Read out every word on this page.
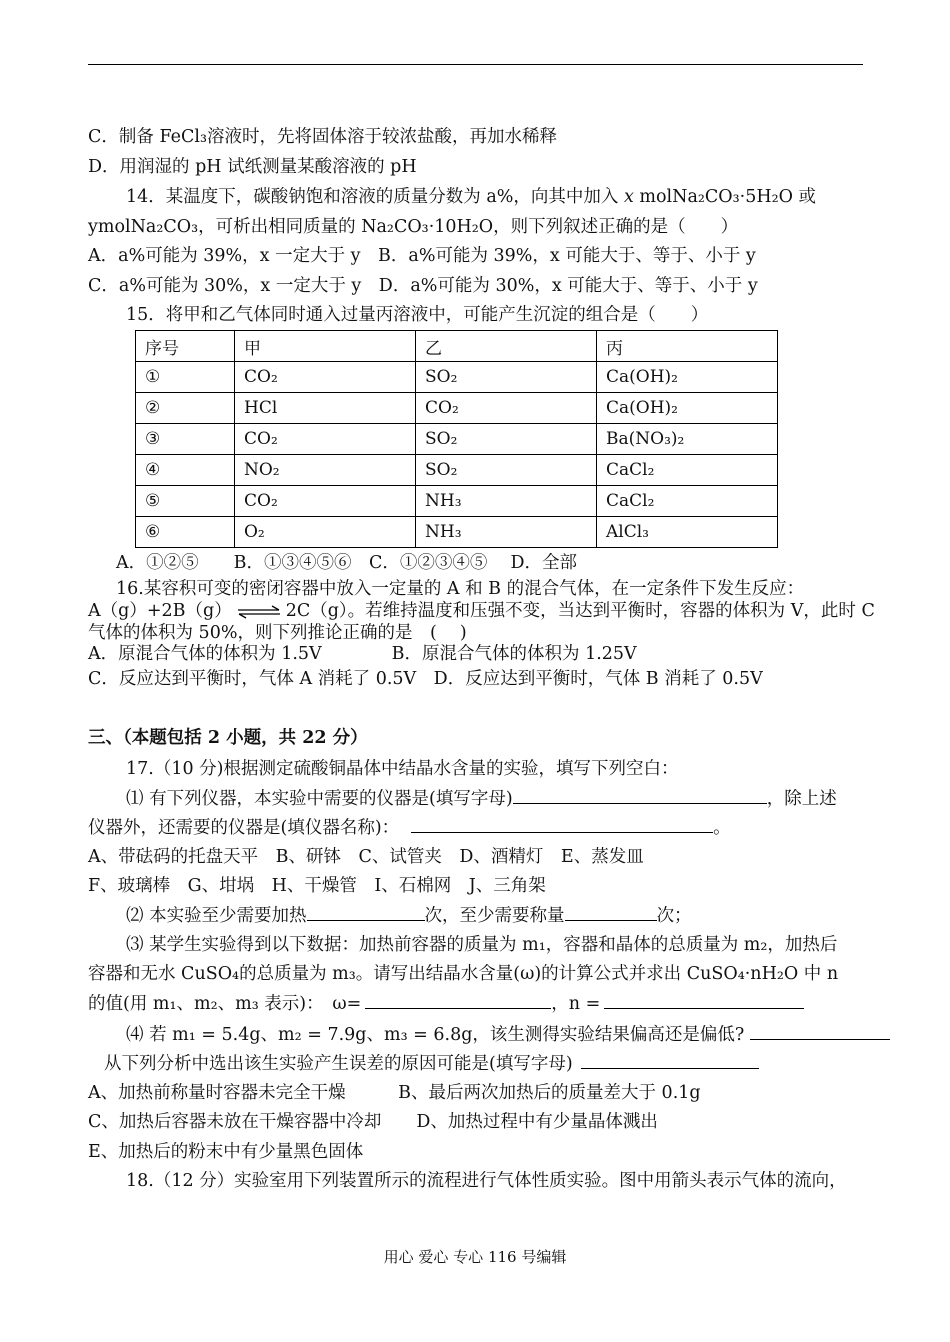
C．制备 FeCl₃溶液时，先将固体溶于较浓盐酸，再加水稀释
D．用润湿的 pH 试纸测量某酸溶液的 pH
14．某温度下，碳酸钠饱和溶液的质量分数为 a%，向其中加入 x molNa₂CO₃·5H₂O 或
ymolNa₂CO₃，可析出相同质量的 Na₂CO₃·10H₂O，则下列叙述正确的是（　　）
A．a%可能为 39%，x 一定大于 y　B．a%可能为 39%，x 可能大于、等于、小于 y
C．a%可能为 30%，x 一定大于 y　D．a%可能为 30%，x 可能大于、等于、小于 y
15．将甲和乙气体同时通入过量丙溶液中，可能产生沉淀的组合是（　　）
序号	甲	乙	丙
①	CO₂	SO₂	Ca(OH)₂
②	HCl	CO₂	Ca(OH)₂
③	CO₂	SO₂	Ba(NO₃)₂
④	NO₂	SO₂	CaCl₂
⑤	CO₂	NH₃	CaCl₂
⑥	O₂	NH₃	AlCl₃
A．①②⑤　　B．①③④⑤⑥　C．①②③④⑤　 D．全部
16.某容积可变的密闭容器中放入一定量的 A 和 B 的混合气体，在一定条件下发生反应：
A（g）+2B（g） ⇌ 2C（g）。若维持温度和压强不变，当达到平衡时，容器的体积为 V，此时 C
气体的体积为 50%，则下列推论正确的是　(　 )
A．原混合气体的体积为 1.5V　　　　B．原混合气体的体积为 1.25V
C．反应达到平衡时，气体 A 消耗了 0.5V　D．反应达到平衡时，气体 B 消耗了 0.5V
三、（本题包括 2 小题，共 22 分）
17.（10 分)根据测定硫酸铜晶体中结晶水含量的实验，填写下列空白：
⑴ 有下列仪器，本实验中需要的仪器是(填写字母)	，除上述
仪器外，还需要的仪器是(填仪器名称)：	。
A、带砝码的托盘天平　B、研钵　C、试管夹　D、酒精灯　E、蒸发皿
F、玻璃棒　G、坩埚　H、干燥管　I、石棉网　J、三角架
⑵ 本实验至少需要加热	次，至少需要称量	次；
⑶ 某学生实验得到以下数据：加热前容器的质量为 m₁，容器和晶体的总质量为 m₂，加热后
容器和无水 CuSO₄的总质量为 m₃。请写出结晶水含量(ω)的计算公式并求出 CuSO₄·nH₂O 中 n
的值(用 m₁、m₂、m₃ 表示)：　ω=	，n =
⑷ 若 m₁ = 5.4g、m₂ = 7.9g、m₃ = 6.8g，该生测得实验结果偏高还是偏低?
从下列分析中选出该生实验产生误差的原因可能是(填写字母)
A、加热前称量时容器未完全干燥　　　B、最后两次加热后的质量差大于 0.1g
C、加热后容器未放在干燥容器中冷却　　D、加热过程中有少量晶体溅出
E、加热后的粉末中有少量黑色固体
18.（12 分）实验室用下列装置所示的流程进行气体性质实验。图中用箭头表示气体的流向，
用心 爱心 专心 116 号编辑
